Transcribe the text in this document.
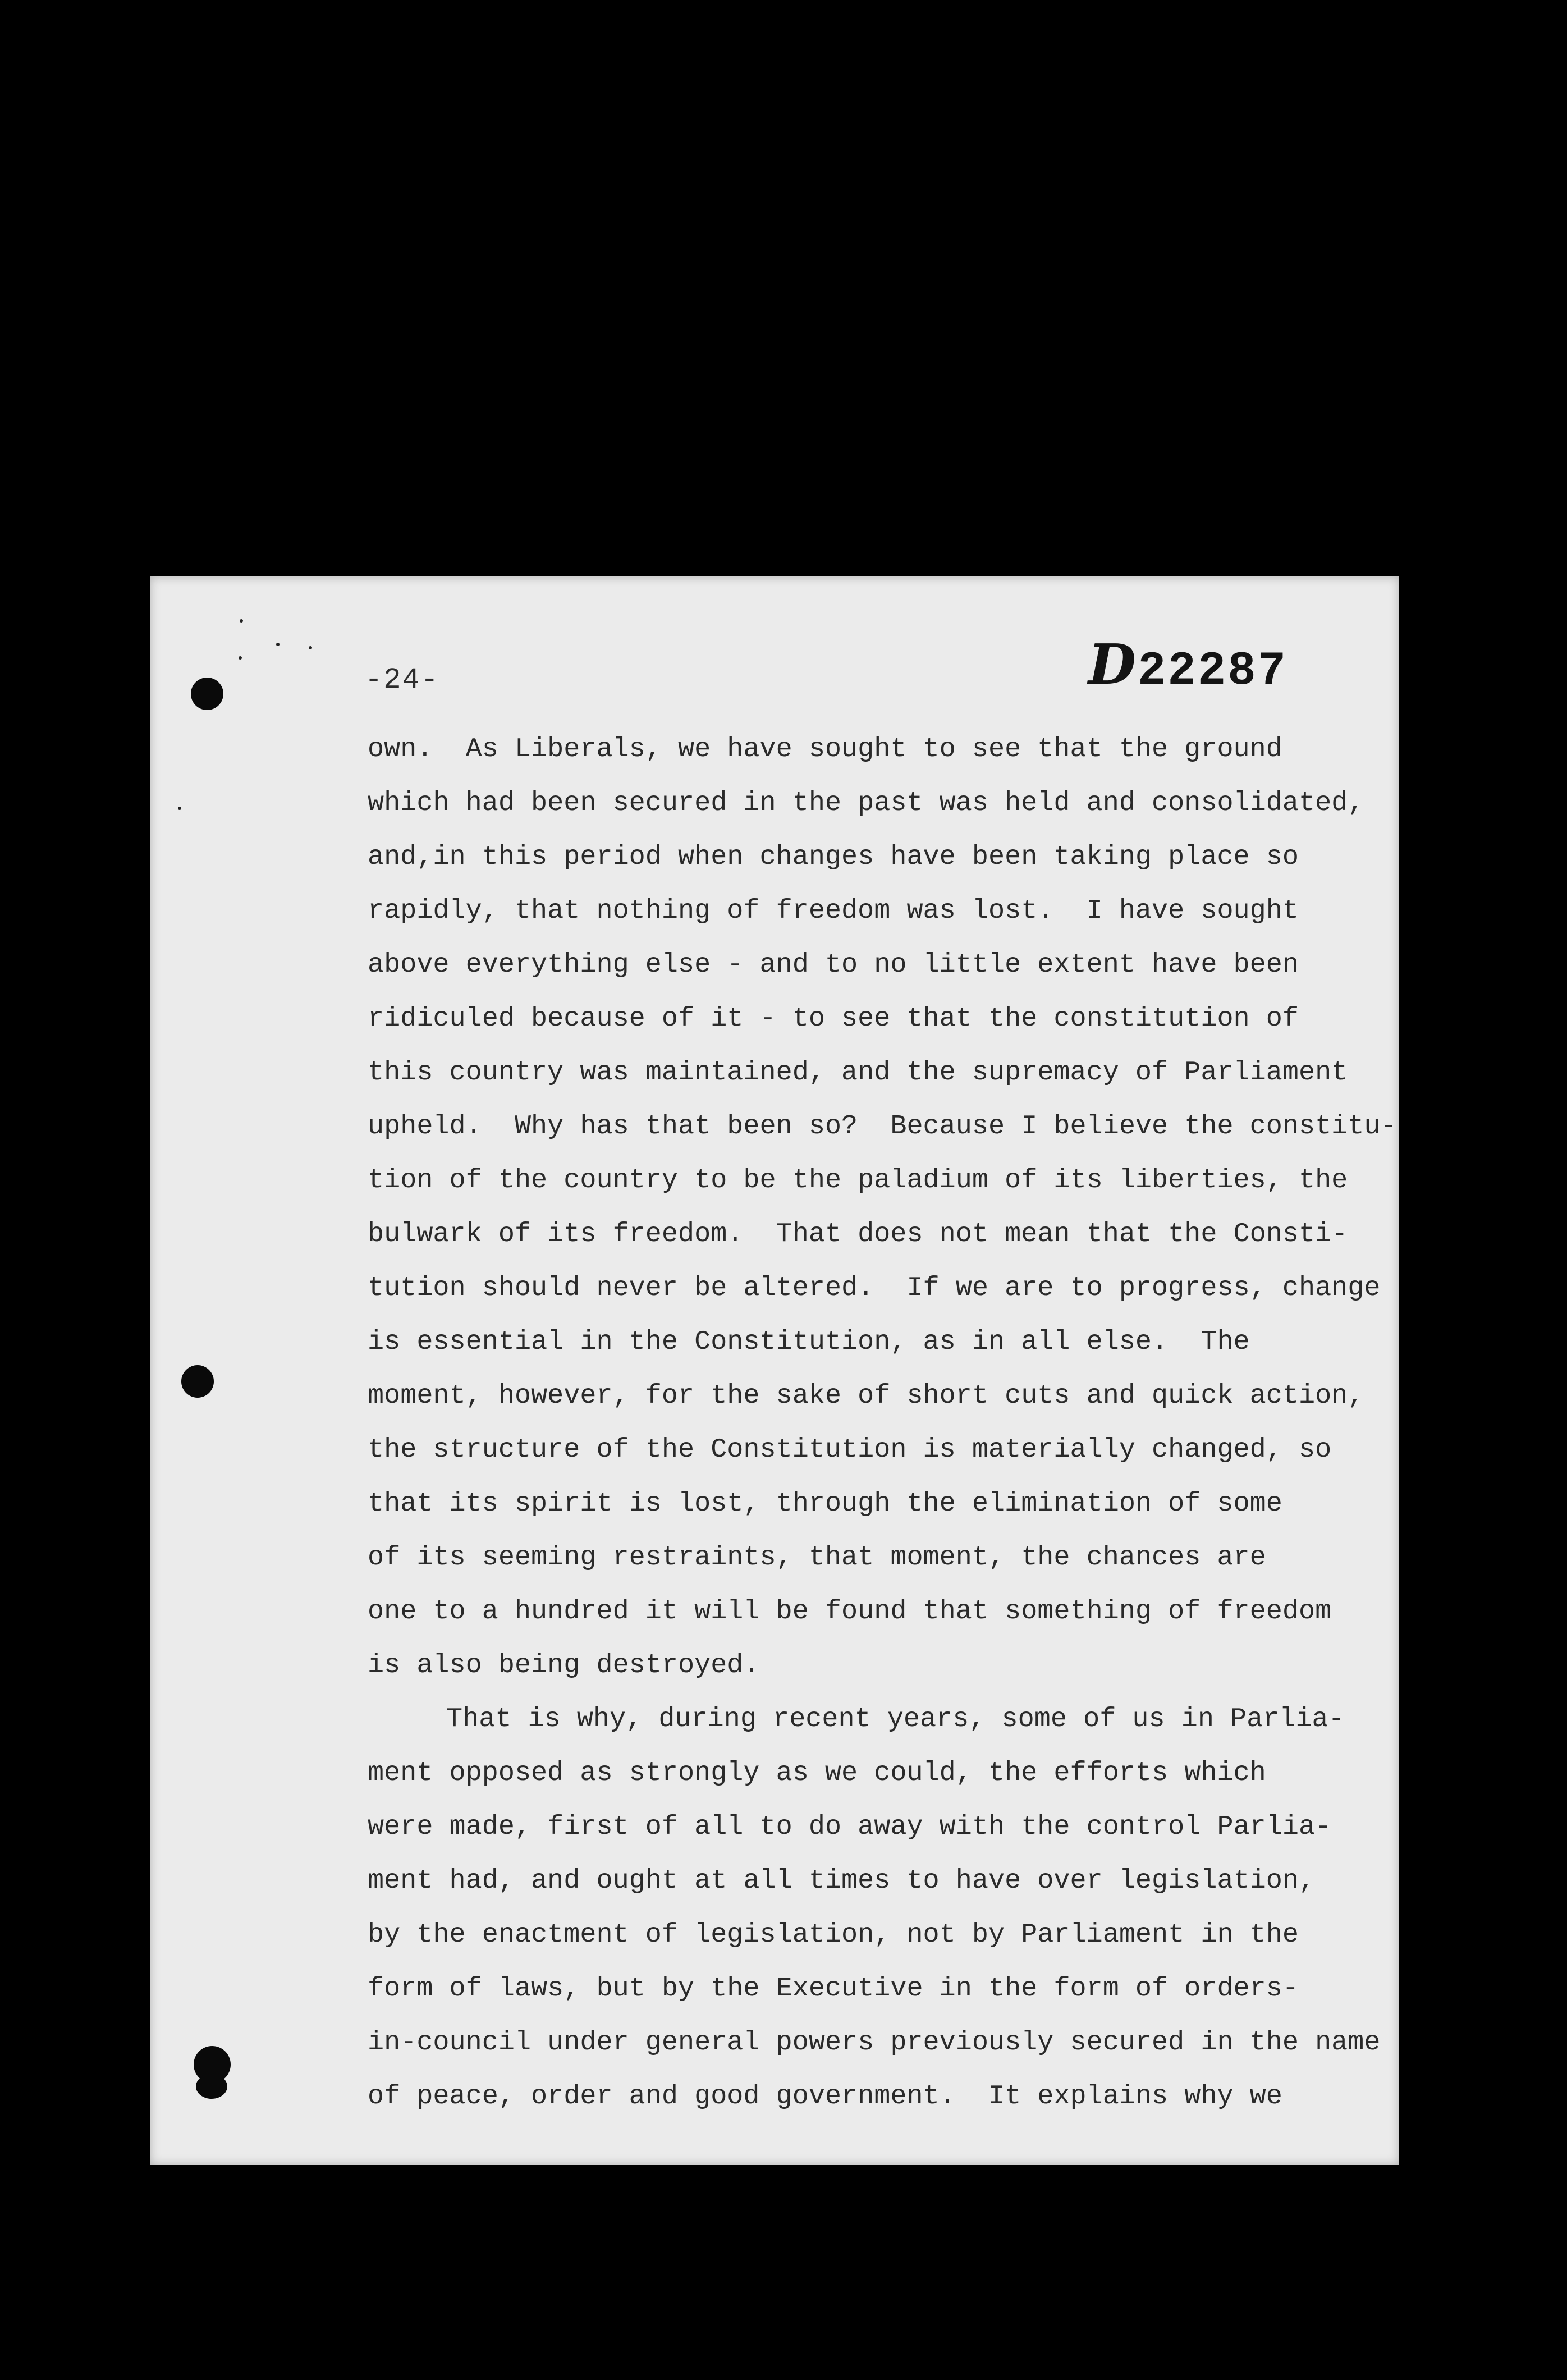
-24-	D22287

own.  As Liberals, we have sought to see that the ground
which had been secured in the past was held and consolidated,
and,in this period when changes have been taking place so
rapidly, that nothing of freedom was lost.  I have sought
above everything else - and to no little extent have been
ridiculed because of it - to see that the constitution of
this country was maintained, and the supremacy of Parliament
upheld.  Why has that been so?  Because I believe the constitu-
tion of the country to be the paladium of its liberties, the
bulwark of its freedom.  That does not mean that the Consti-
tution should never be altered.  If we are to progress, change
is essential in the Constitution, as in all else.  The
moment, however, for the sake of short cuts and quick action,
the structure of the Constitution is materially changed, so
that its spirit is lost, through the elimination of some
of its seeming restraints, that moment, the chances are
one to a hundred it will be found that something of freedom
is also being destroyed.
That is why, during recent years, some of us in Parlia-
ment opposed as strongly as we could, the efforts which
were made, first of all to do away with the control Parlia-
ment had, and ought at all times to have over legislation,
by the enactment of legislation, not by Parliament in the
form of laws, but by the Executive in the form of orders-
in-council under general powers previously secured in the name
of peace, order and good government.  It explains why we
